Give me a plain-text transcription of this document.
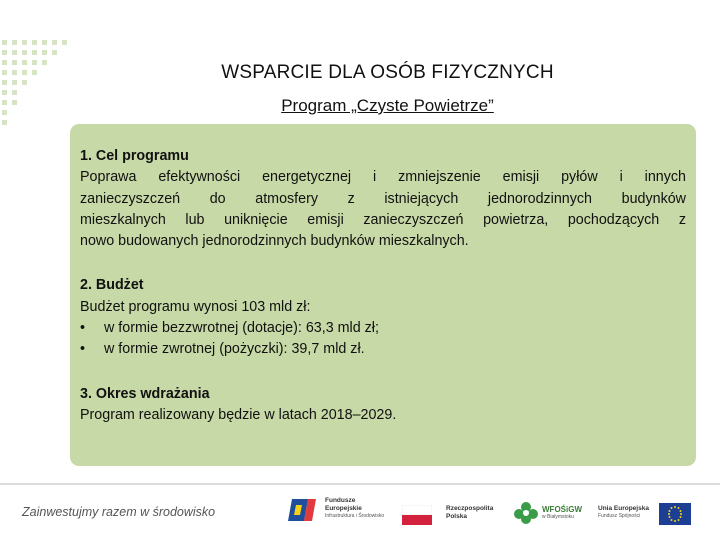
WSPARCIE DLA OSÓB FIZYCZNYCH
Program „Czyste Powietrze”
1. Cel programu
Poprawa efektywności energetycznej i zmniejszenie emisji pyłów i innych
zanieczyszczeń do atmosfery z istniejących jednorodzinnych budynków
mieszkalnych lub uniknięcie emisji zanieczyszczeń powietrza, pochodzących z
nowo budowanych jednorodzinnych budynków mieszkalnych.
2. Budżet
Budżet programu wynosi 103 mld zł:
•	w formie bezzwrotnej (dotacje): 63,3 mld zł;
•	w formie zwrotnej (pożyczki): 39,7 mld zł.
3. Okres wdrażania
Program realizowany będzie w latach 2018–2029.
Zainwestujmy razem w środowisko
Fundusze Europejskie
Infrastruktura i Środowisko
Rzeczpospolita Polska
WFOŚiGW
w Białymstoku
Unia Europejska
Fundusz Spójności
